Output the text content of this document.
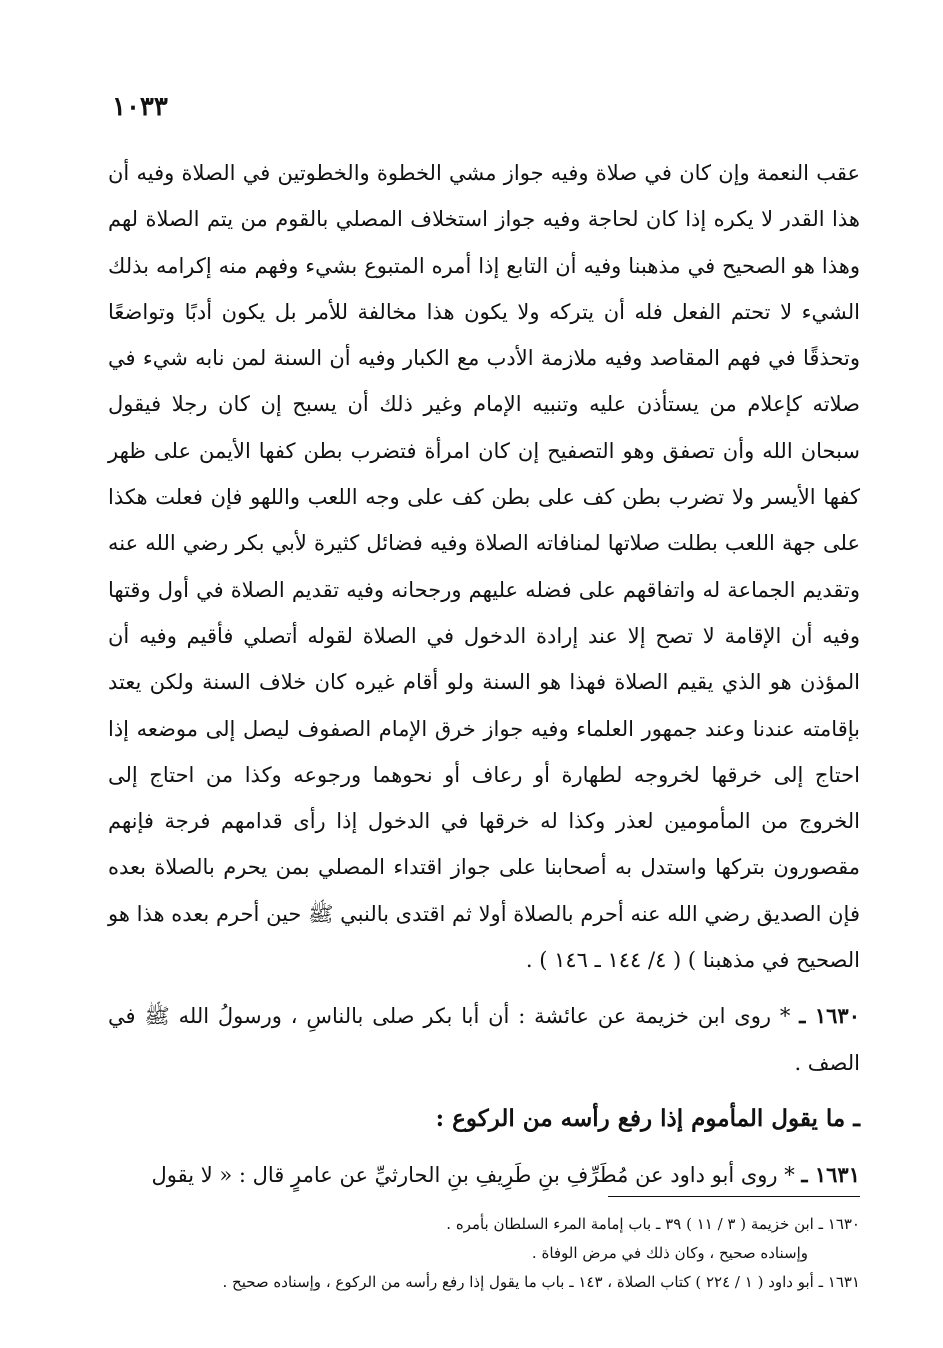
١٠٣٣

عقب النعمة وإن كان في صلاة وفيه جواز مشي الخطوة والخطوتين في الصلاة وفيه أن هذا القدر لا يكره إذا كان لحاجة وفيه جواز استخلاف المصلي بالقوم من يتم الصلاة لهم وهذا هو الصحيح في مذهبنا وفيه أن التابع إذا أمره المتبوع بشيء وفهم منه إكرامه بذلك الشيء لا تحتم الفعل فله أن يتركه ولا يكون هذا مخالفة للأمر بل يكون أدبًا وتواضعًا وتحذقًا في فهم المقاصد وفيه ملازمة الأدب مع الكبار وفيه أن السنة لمن نابه شيء في صلاته كإعلام من يستأذن عليه وتنبيه الإمام وغير ذلك أن يسبح إن كان رجلا فيقول سبحان الله وأن تصفق وهو التصفيح إن كان امرأة فتضرب بطن كفها الأيمن على ظهر كفها الأيسر ولا تضرب بطن كف على بطن كف على وجه اللعب واللهو فإن فعلت هكذا على جهة اللعب بطلت صلاتها لمنافاته الصلاة وفيه فضائل كثيرة لأبي بكر رضي الله عنه وتقديم الجماعة له واتفاقهم على فضله عليهم ورجحانه وفيه تقديم الصلاة في أول وقتها وفيه أن الإقامة لا تصح إلا عند إرادة الدخول في الصلاة لقوله أتصلي فأقيم وفيه أن المؤذن هو الذي يقيم الصلاة فهذا هو السنة ولو أقام غيره كان خلاف السنة ولكن يعتد بإقامته عندنا وعند جمهور العلماء وفيه جواز خرق الإمام الصفوف ليصل إلى موضعه إذا احتاج إلى خرقها لخروجه لطهارة أو رعاف أو نحوهما ورجوعه وكذا من احتاج إلى الخروج من المأمومين لعذر وكذا له خرقها في الدخول إذا رأى قدامهم فرجة فإنهم مقصورون بتركها واستدل به أصحابنا على جواز اقتداء المصلي بمن يحرم بالصلاة بعده فإن الصديق رضي الله عنه أحرم بالصلاة أولا ثم اقتدى بالنبي ﷺ حين أحرم بعده هذا هو الصحيح في مذهبنا ) ( ٤/ ١٤٤ ـ ١٤٦ ) .

١٦٣٠ ـ * روى ابن خزيمة عن عائشة : أن أبا بكر صلى بالناسِ ، ورسولُ الله ﷺ في الصف .

ـ ما يقول المأموم إذا رفع رأسه من الركوع :

١٦٣١ ـ * روى أبو داود عن مُطَرِّفِ بنِ طَرِيفِ بنِ الحارثيِّ عن عامرٍ قال : « لا يقول

١٦٣٠ ـ ابن خزيمة ( ٣ / ١١ ) ٣٩ ـ باب إمامة المرء السلطان بأمره .

وإسناده صحيح ، وكان ذلك في مرض الوفاة .

١٦٣١ ـ أبو داود ( ١ / ٢٢٤ ) كتاب الصلاة ، ١٤٣ ـ باب ما يقول إذا رفع رأسه من الركوع ، وإسناده صحيح .
